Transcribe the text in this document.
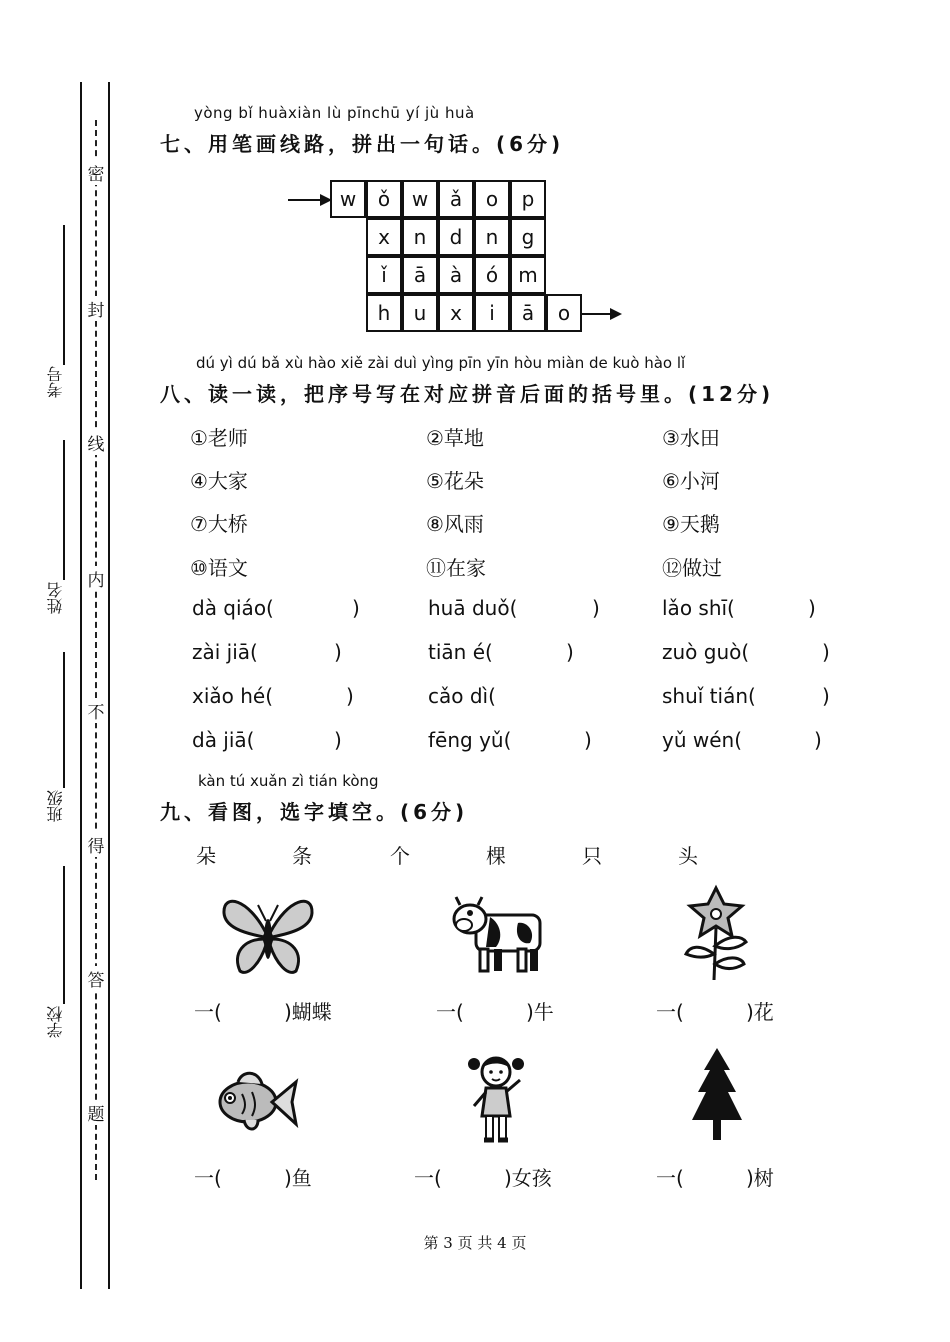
密
封
线
内
不
得
答
题
考号
姓名
班级
学校
yòng bǐ huàxiàn lù pīnchū yí jù huà
七、用笔画线路，拼出一句话。(6分)
w	ǒ	w	ǎ	o	p
x	n	d	n	g
ǐ	ā	à	ó	m
h	u	x	i	ā	o
dú yì dú bǎ xù hào xiě zài duì yìng pīn yīn hòu miàn de kuò hào lǐ
八、读一读，把序号写在对应拼音后面的括号里。(12分)
①老师	②草地	③水田
④大家	⑤花朵	⑥小河
⑦大桥	⑧风雨	⑨天鹅
⑩语文	⑪在家	⑫做过
dà qiáo(	)	huā duǒ(	)	lǎo shī(	)
zài jiā(	)	tiān é(	)	zuò guò(	)
xiǎo hé(	)	cǎo dì(	shuǐ tián(	)
dà jiā(	)	fēng yǔ(	)	yǔ wén(	)
kàn tú xuǎn zì tián kòng
九、看图，选字填空。(6分)
朵	条	个	棵	只	头
一(	)蝴蝶	一(	)牛	一(	)花
一(	)鱼	一(	)女孩	一(	)树
第 3 页 共 4 页
